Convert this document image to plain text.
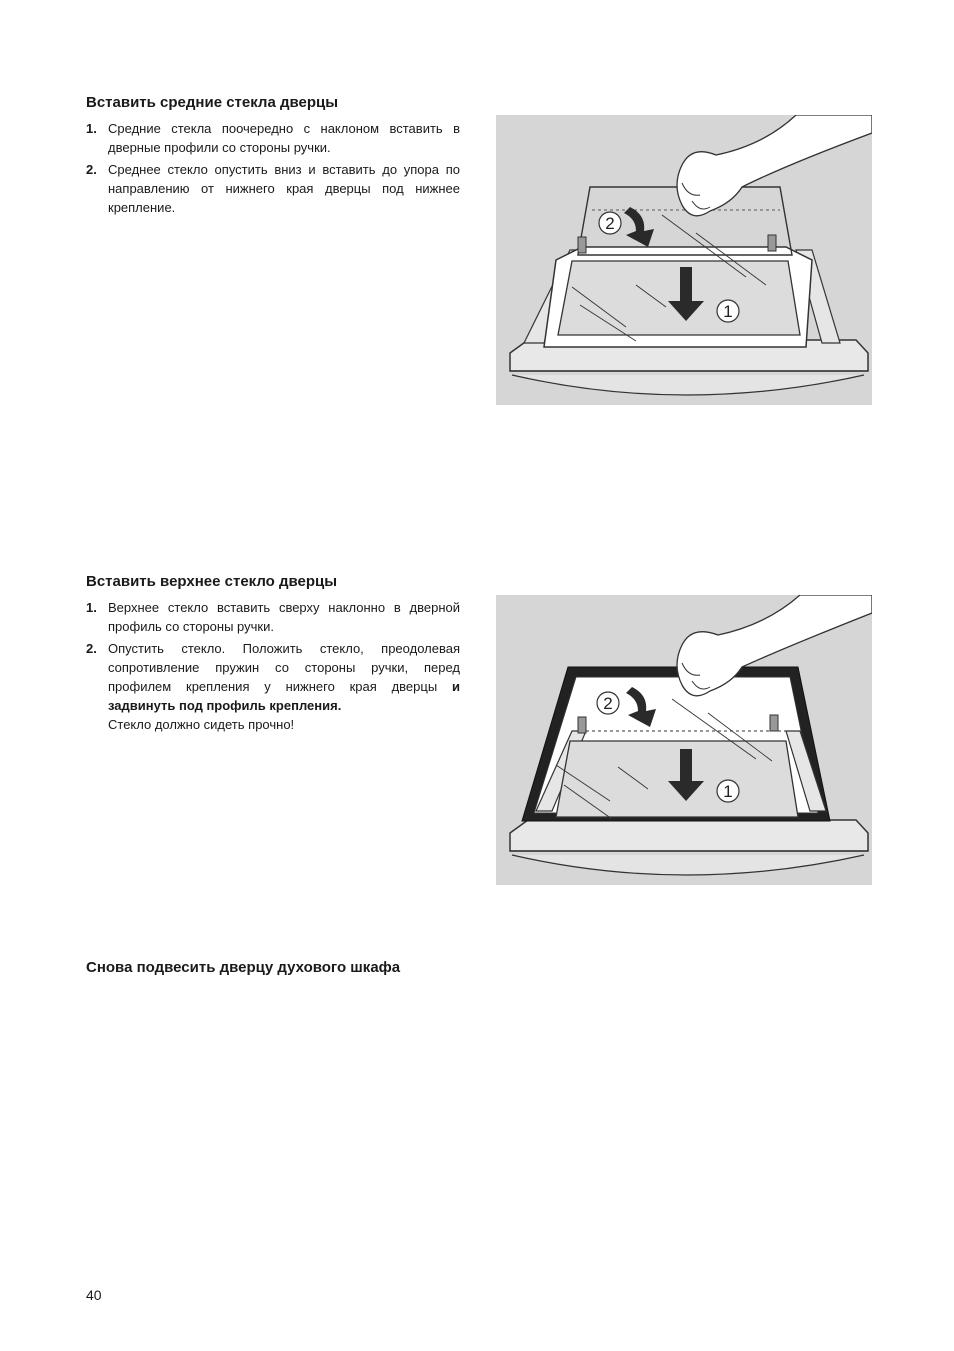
Вставить средние стекла дверцы
1. Средние стекла поочередно с наклоном вставить в дверные профили со стороны ручки.

2. Среднее стекло опустить вниз и вставить до упора по направлению от нижнего края дверцы под нижнее крепление.

1
2
Вставить верхнее стекло дверцы
1. Верхнее стекло вставить сверху наклонно в дверной профиль со стороны ручки.

2. Опустить стекло. Положить стекло, преодолевая сопротивление пружин со стороны ручки, перед профилем крепления у нижнего края дверцы и задвинуть под профиль крепления.

Стекло должно сидеть прочно!

1
2
Снова подвесить дверцу духового шкафа
40
